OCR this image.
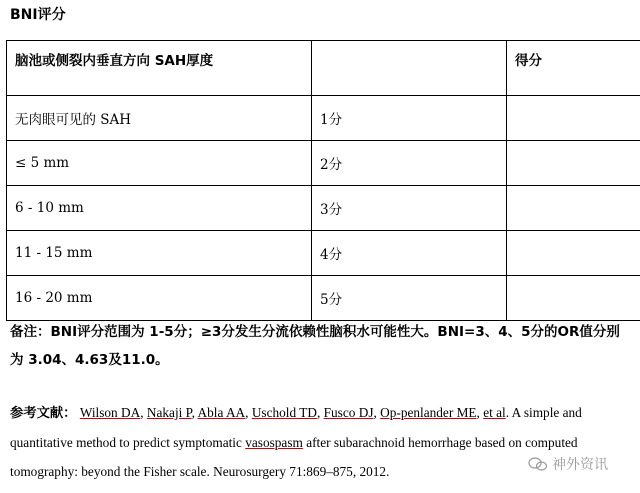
BNI评分
脑池或侧裂内垂直方向 SAH厚度		得分
无肉眼可见的 SAH	1分	
≤ 5 mm	2分	
6 - 10 mm	3分	
11 - 15 mm	4分	
16 - 20 mm	5分	
备注：BNI评分范围为 1-5分；≥3分发生分流依赖性脑积水可能性大。BNI=3、4、5分的OR值分别为 3.04、4.63及11.0。
参考文献： Wilson DA, Nakaji P, Abla AA, Uschold TD, Fusco DJ, Op-penlander ME, et al. A simple and quantitative method to predict symptomatic vasospasm after subarachnoid hemorrhage based on computed tomography: beyond the Fisher scale. Neurosurgery 71:869–875, 2012.	神外资讯
